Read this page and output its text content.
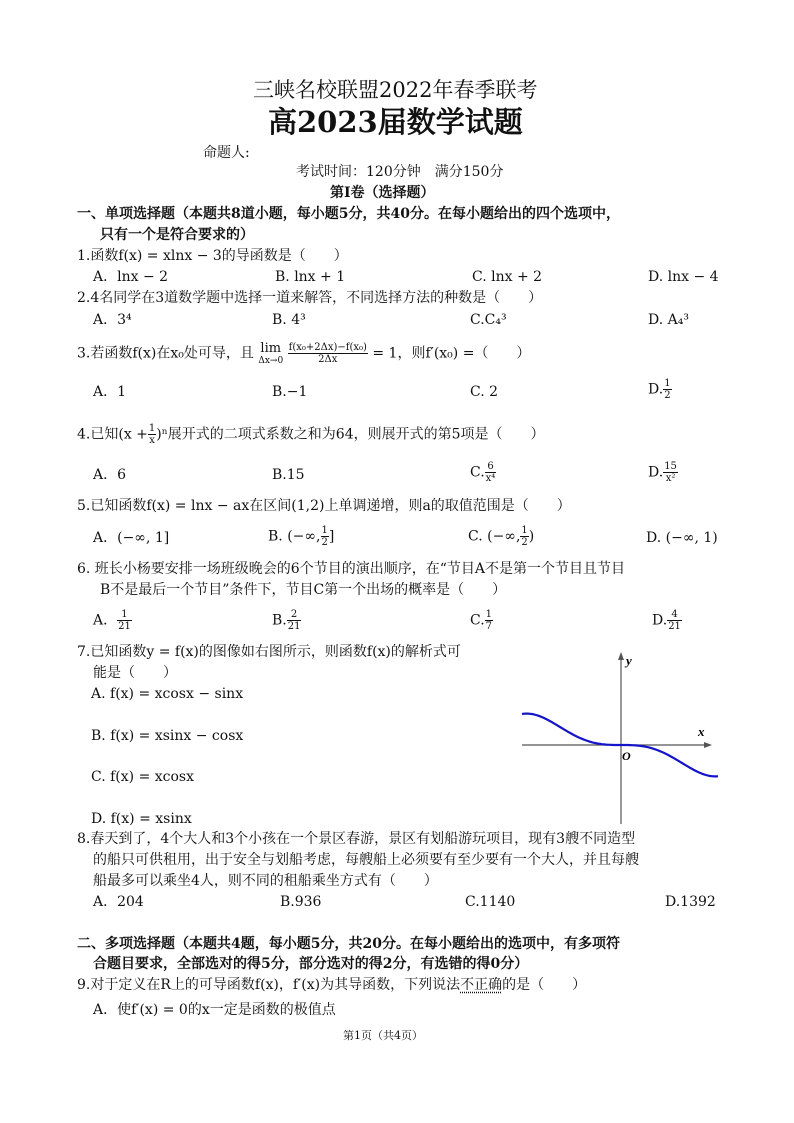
三峡名校联盟2022年春季联考
高2023届数学试题
命题人:
考试时间：120分钟　满分150分
第I卷（选择题）
一、单项选择题（本题共8道小题，每小题5分，共40分。在每小题给出的四个选项中，
只有一个是符合要求的）
1.函数f(x) = xlnx − 3的导函数是（　　）
A．lnx − 2	B. lnx + 1	C. lnx + 2	D. lnx − 4
2.4名同学在3道数学题中选择一道来解答，不同选择方法的种数是（　　）
A．3⁴	B. 4³	C.C₄³	D. A₄³
3.若函数f(x)在x₀处可导，且 lim
Δx→0
$\frac{\text{f(x₀+2Δx)−f(x₀)}}{2\Delta x} = 1$，则f′(x₀) =（　　）
A．1	B.−1	C. 2	D. $\frac{1}{2}$
4.已知$(x + \frac{1}{x} )^n$展开式的二项式系数之和为64，则展开式的第5项是（　　）
A．6	B.15	C. $\frac{6}{\text{x⁴}}$	D. $\frac{15}{\text{x²}}$
5.已知函数f(x) = lnx − ax在区间(1,2)上单调递增，则a的取值范围是（　　）
A．(−∞, 1]	B. (−∞, $\frac{1}{2}$ ]	C. (−∞, $\frac{1}{2}$ )	D. (−∞, 1)
6. 班长小杨要安排一场班级晚会的6个节目的演出顺序，在“节目A不是第一个节目且节目
B不是最后一个节目”条件下，节目C第一个出场的概率是（　　）
A． $\frac{1}{21}$	B. $\frac{2}{21}$	C. $\frac{1}{7}$	D. $\frac{4}{21}$
7.已知函数y = f(x)的图像如右图所示，则函数f(x)的解析式可
能是（　　）
A. f(x) = xcosx − sinx
B. f(x) = xsinx − cosx
C. f(x) = xcosx
D. f(x) = xsinx
x
y
O
8.春天到了，4个大人和3个小孩在一个景区春游，景区有划船游玩项目，现有3艘不同造型
的船只可供租用，出于安全与划船考虑，每艘船上必须要有至少要有一个大人，并且每艘
船最多可以乘坐4人，则不同的租船乘坐方式有（　　）
A．204	B.936	C.1140	D.1392
二、多项选择题（本题共4题，每小题5分，共20分。在每小题给出的选项中，有多项符
合题目要求，全部选对的得5分，部分选对的得2分，有选错的得0分）
9.对于定义在R上的可导函数f(x)，f′(x)为其导函数，下列说法不正确的是（　　）
A．使f′(x) = 0的x一定是函数的极值点
第1页（共4页）
